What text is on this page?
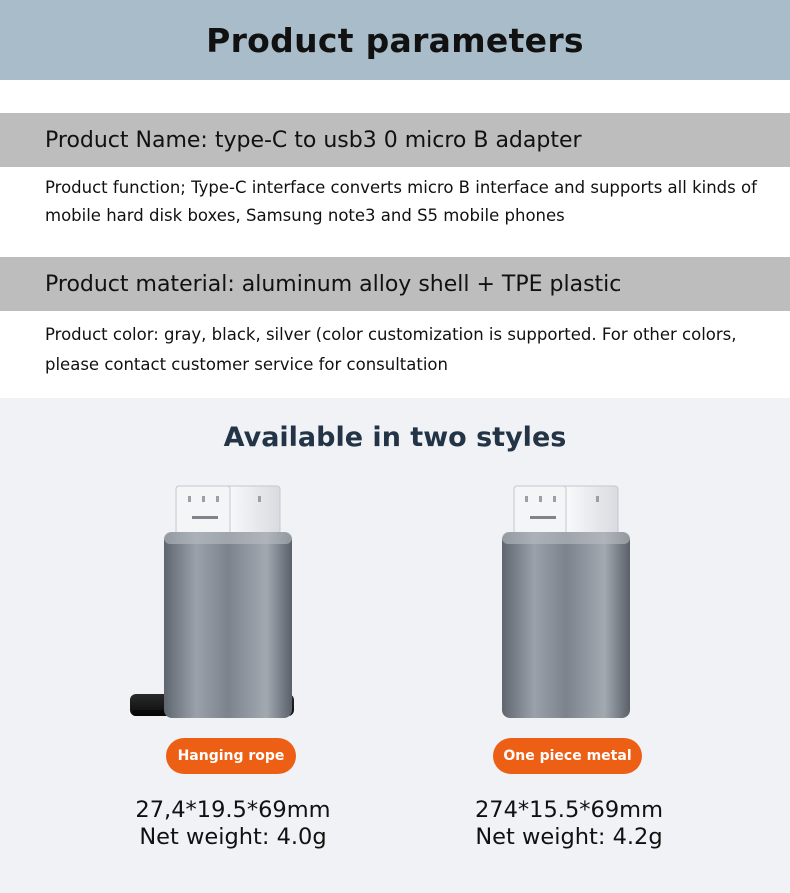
Product parameters
Product Name: type-C to usb3 0 micro B adapter

Product function; Type-C interface converts micro B interface and supports all kinds of mobile hard disk boxes, Samsung note3 and S5 mobile phones

Product material: aluminum alloy shell + TPE plastic

Product color: gray, black, silver (color customization is supported. For other colors, please contact customer service for consultation

Available in two styles
Hanging rope	One piece metal
27,4*19.5*69mm
Net weight: 4.0g
274*15.5*69mm
Net weight: 4.2g
